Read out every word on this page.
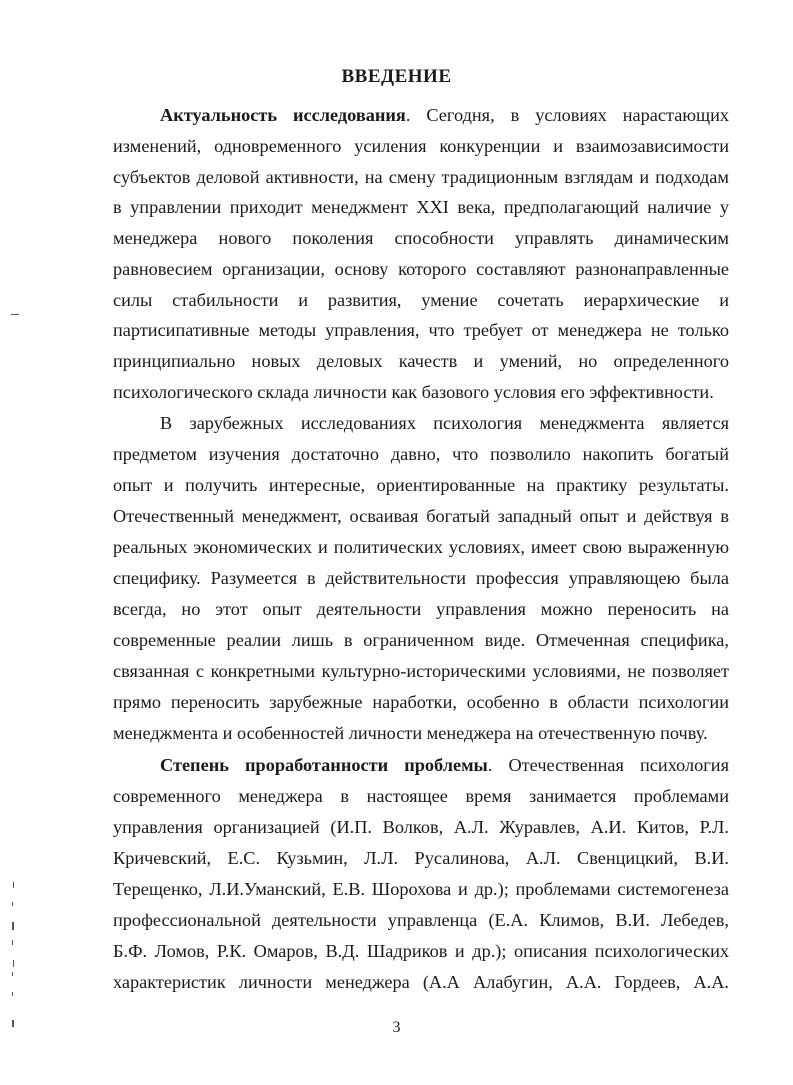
ВВЕДЕНИЕ
Актуальность исследования. Сегодня, в условиях нарастающих
изменений, одновременного усиления конкуренции и взаимозависимости
субъектов деловой активности, на смену традиционным взглядам и подходам
в управлении приходит менеджмент XXI века, предполагающий наличие у
менеджера нового поколения способности управлять динамическим
равновесием организации, основу которого составляют разнонаправленные
силы стабильности и развития, умение сочетать иерархические и
партисипативные методы управления, что требует от менеджера не только
принципиально новых деловых качеств и умений, но определенного
психологического склада личности как базового условия его эффективности.
В зарубежных исследованиях психология менеджмента является
предметом изучения достаточно давно, что позволило накопить богатый
опыт и получить интересные, ориентированные на практику результаты.
Отечественный менеджмент, осваивая богатый западный опыт и действуя в
реальных экономических и политических условиях, имеет свою выраженную
специфику. Разумеется в действительности профессия управляющею была
всегда, но этот опыт деятельности управления можно переносить на
современные реалии лишь в ограниченном виде. Отмеченная специфика,
связанная с конкретными культурно-историческими условиями, не позволяет
прямо переносить зарубежные наработки, особенно в области психологии
менеджмента и особенностей личности менеджера на отечественную почву.
Степень проработанности проблемы. Отечественная психология
современного менеджера в настоящее время занимается проблемами
управления организацией (И.П. Волков, А.Л. Журавлев, А.И. Китов, Р.Л.
Кричевский, Е.С. Кузьмин, Л.Л. Русалинова, А.Л. Свенцицкий, В.И.
Терещенко, Л.И.Уманский, Е.В. Шорохова и др.); проблемами системогенеза
профессиональной деятельности управленца (Е.А. Климов, В.И. Лебедев,
Б.Ф. Ломов, Р.К. Омаров, В.Д. Шадриков и др.); описания психологических
характеристик личности менеджера (А.А Алабугин, А.А. Гордеев, А.А.
3
